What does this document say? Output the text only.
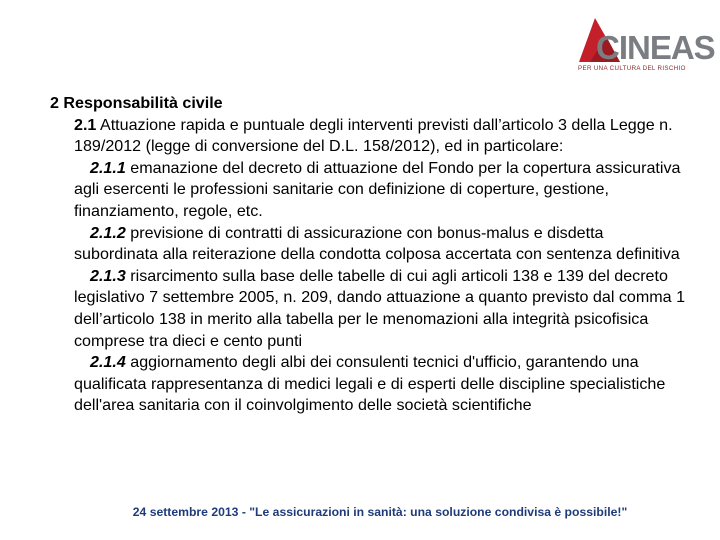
CINEAS
PER UNA CULTURA DEL RISCHIO
2 Responsabilità civile
2.1 Attuazione rapida e puntuale degli interventi previsti dall’articolo 3 della Legge n. 189/2012 (legge di conversione del D.L. 158/2012), ed in particolare:
2.1.1 emanazione del decreto di attuazione del Fondo per la copertura assicurativa agli esercenti le professioni sanitarie con definizione di coperture, gestione, finanziamento, regole, etc.
2.1.2 previsione di contratti di assicurazione con bonus-malus e disdetta subordinata alla reiterazione della condotta colposa accertata con sentenza definitiva
2.1.3 risarcimento sulla base delle tabelle di cui agli articoli 138 e 139 del decreto legislativo 7 settembre 2005, n. 209, dando attuazione a quanto previsto dal comma 1 dell’articolo 138 in merito alla tabella per le menomazioni alla integrità psicofisica comprese tra dieci e cento punti
2.1.4 aggiornamento degli albi dei consulenti tecnici d'ufficio, garantendo una qualificata rappresentanza di medici legali e di esperti delle discipline specialistiche dell'area sanitaria con il coinvolgimento delle società scientifiche
24 settembre 2013 - "Le assicurazioni in sanità: una soluzione condivisa è possibile!"
